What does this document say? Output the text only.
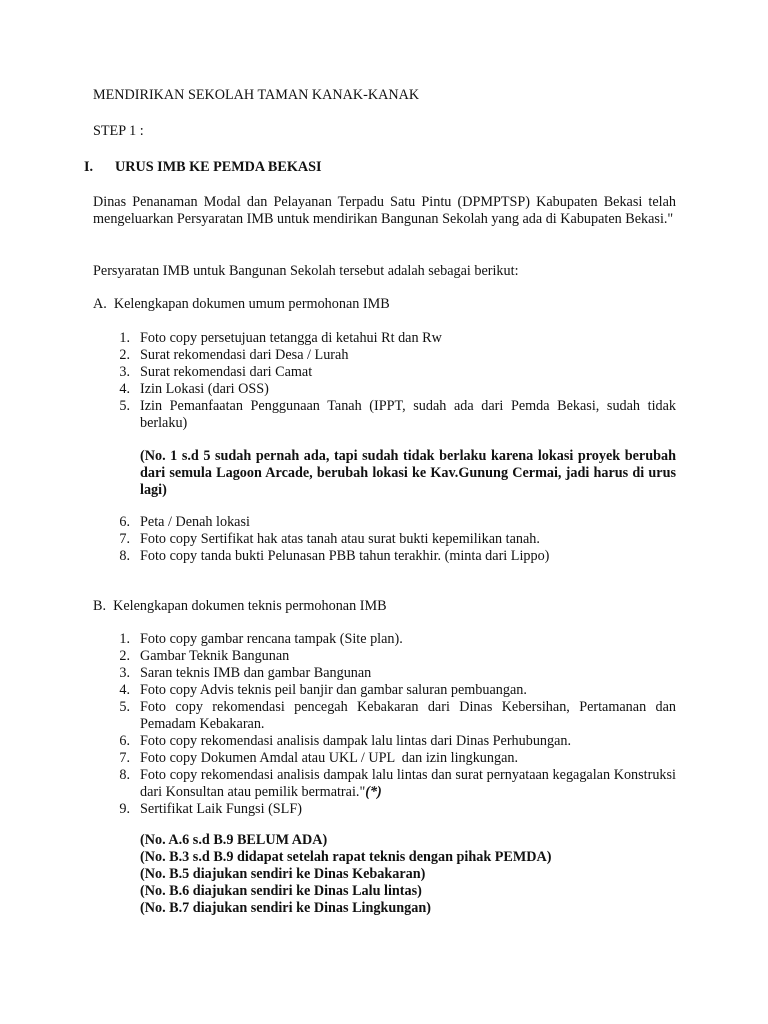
MENDIRIKAN SEKOLAH TAMAN KANAK-KANAK
STEP 1 :
I. URUS IMB KE PEMDA BEKASI
Dinas Penanaman Modal dan Pelayanan Terpadu Satu Pintu (DPMPTSP) Kabupaten Bekasi telah mengeluarkan Persyaratan IMB untuk mendirikan Bangunan Sekolah yang ada di Kabupaten Bekasi."
Persyaratan IMB untuk Bangunan Sekolah tersebut adalah sebagai berikut:
A.  Kelengkapan dokumen umum permohonan IMB
1. Foto copy persetujuan tetangga di ketahui Rt dan Rw
2. Surat rekomendasi dari Desa / Lurah
3. Surat rekomendasi dari Camat
4. Izin Lokasi (dari OSS)
5. Izin Pemanfaatan Penggunaan Tanah (IPPT, sudah ada dari Pemda Bekasi, sudah tidak berlaku)
(No. 1 s.d 5 sudah pernah ada, tapi sudah tidak berlaku karena lokasi proyek berubah dari semula Lagoon Arcade, berubah lokasi ke Kav.Gunung Cermai, jadi harus di urus lagi)
6. Peta / Denah lokasi
7. Foto copy Sertifikat hak atas tanah atau surat bukti kepemilikan tanah.
8. Foto copy tanda bukti Pelunasan PBB tahun terakhir. (minta dari Lippo)
B.  Kelengkapan dokumen teknis permohonan IMB
1. Foto copy gambar rencana tampak (Site plan).
2. Gambar Teknik Bangunan
3. Saran teknis IMB dan gambar Bangunan
4. Foto copy Advis teknis peil banjir dan gambar saluran pembuangan.
5. Foto copy rekomendasi pencegah Kebakaran dari Dinas Kebersihan, Pertamanan dan Pemadam Kebakaran.
6. Foto copy rekomendasi analisis dampak lalu lintas dari Dinas Perhubungan.
7. Foto copy Dokumen Amdal atau UKL / UPL  dan izin lingkungan.
8. Foto copy rekomendasi analisis dampak lalu lintas dan surat pernyataan kegagalan Konstruksi dari Konsultan atau pemilik bermatrai."(*)
9. Sertifikat Laik Fungsi (SLF)
(No. A.6 s.d B.9 BELUM ADA)
(No. B.3 s.d B.9 didapat setelah rapat teknis dengan pihak PEMDA)
(No. B.5 diajukan sendiri ke Dinas Kebakaran)
(No. B.6 diajukan sendiri ke Dinas Lalu lintas)
(No. B.7 diajukan sendiri ke Dinas Lingkungan)
